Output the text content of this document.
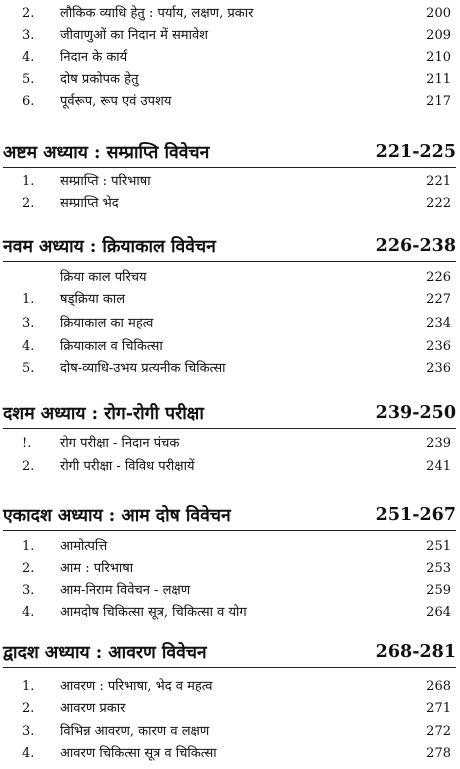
2.	लौकिक व्याधि हेतु : पर्याय, लक्षण, प्रकार	200
3.	जीवाणुओं का निदान में समावेश	209
4.	निदान के कार्य	210
5.	दोष प्रकोपक हेतु	211
6.	पूर्वरूप, रूप एवं उपशय	217
अष्टम अध्याय : सम्प्राप्ति विवेचन	221-225
1.	सम्प्राप्ति : परिभाषा	221
2.	सम्प्राप्ति भेद	222
नवम अध्याय : क्रियाकाल विवेचन	226-238
क्रिया काल परिचय	226
1.	षड्क्रिया काल	227
3.	क्रियाकाल का महत्व	234
4.	क्रियाकाल व चिकित्सा	236
5.	दोष-व्याधि-उभय प्रत्यनीक चिकित्सा	236
दशम अध्याय : रोग-रोगी परीक्षा	239-250
!.	रोग परीक्षा - निदान पंचक	239
2.	रोगी परीक्षा - विविध परीक्षायें	241
एकादश अध्याय : आम दोष विवेचन	251-267
1.	आमोत्पत्ति	251
2.	आम : परिभाषा	253
3.	आम-निराम विवेचन - लक्षण	259
4.	आमदोष चिकित्सा सूत्र, चिकित्सा व योग	264
द्वादश अध्याय : आवरण विवेचन	268-281
1.	आवरण : परिभाषा, भेद व महत्व	268
2.	आवरण प्रकार	271
3.	विभिन्न आवरण, कारण व लक्षण	272
4.	आवरण चिकित्सा सूत्र व चिकित्सा	278
